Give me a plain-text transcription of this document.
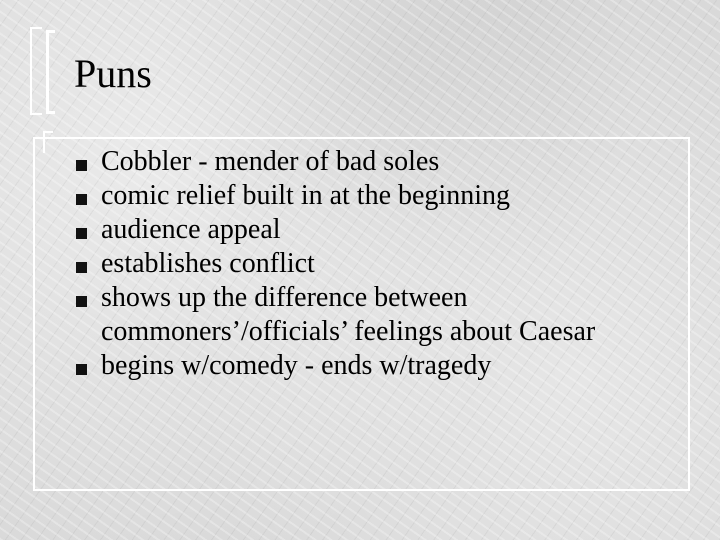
Puns
Cobbler - mender of bad soles
comic relief built in at the beginning
audience appeal
establishes conflict
shows up the difference between commoners’/officials’ feelings about Caesar
begins w/comedy - ends w/tragedy
